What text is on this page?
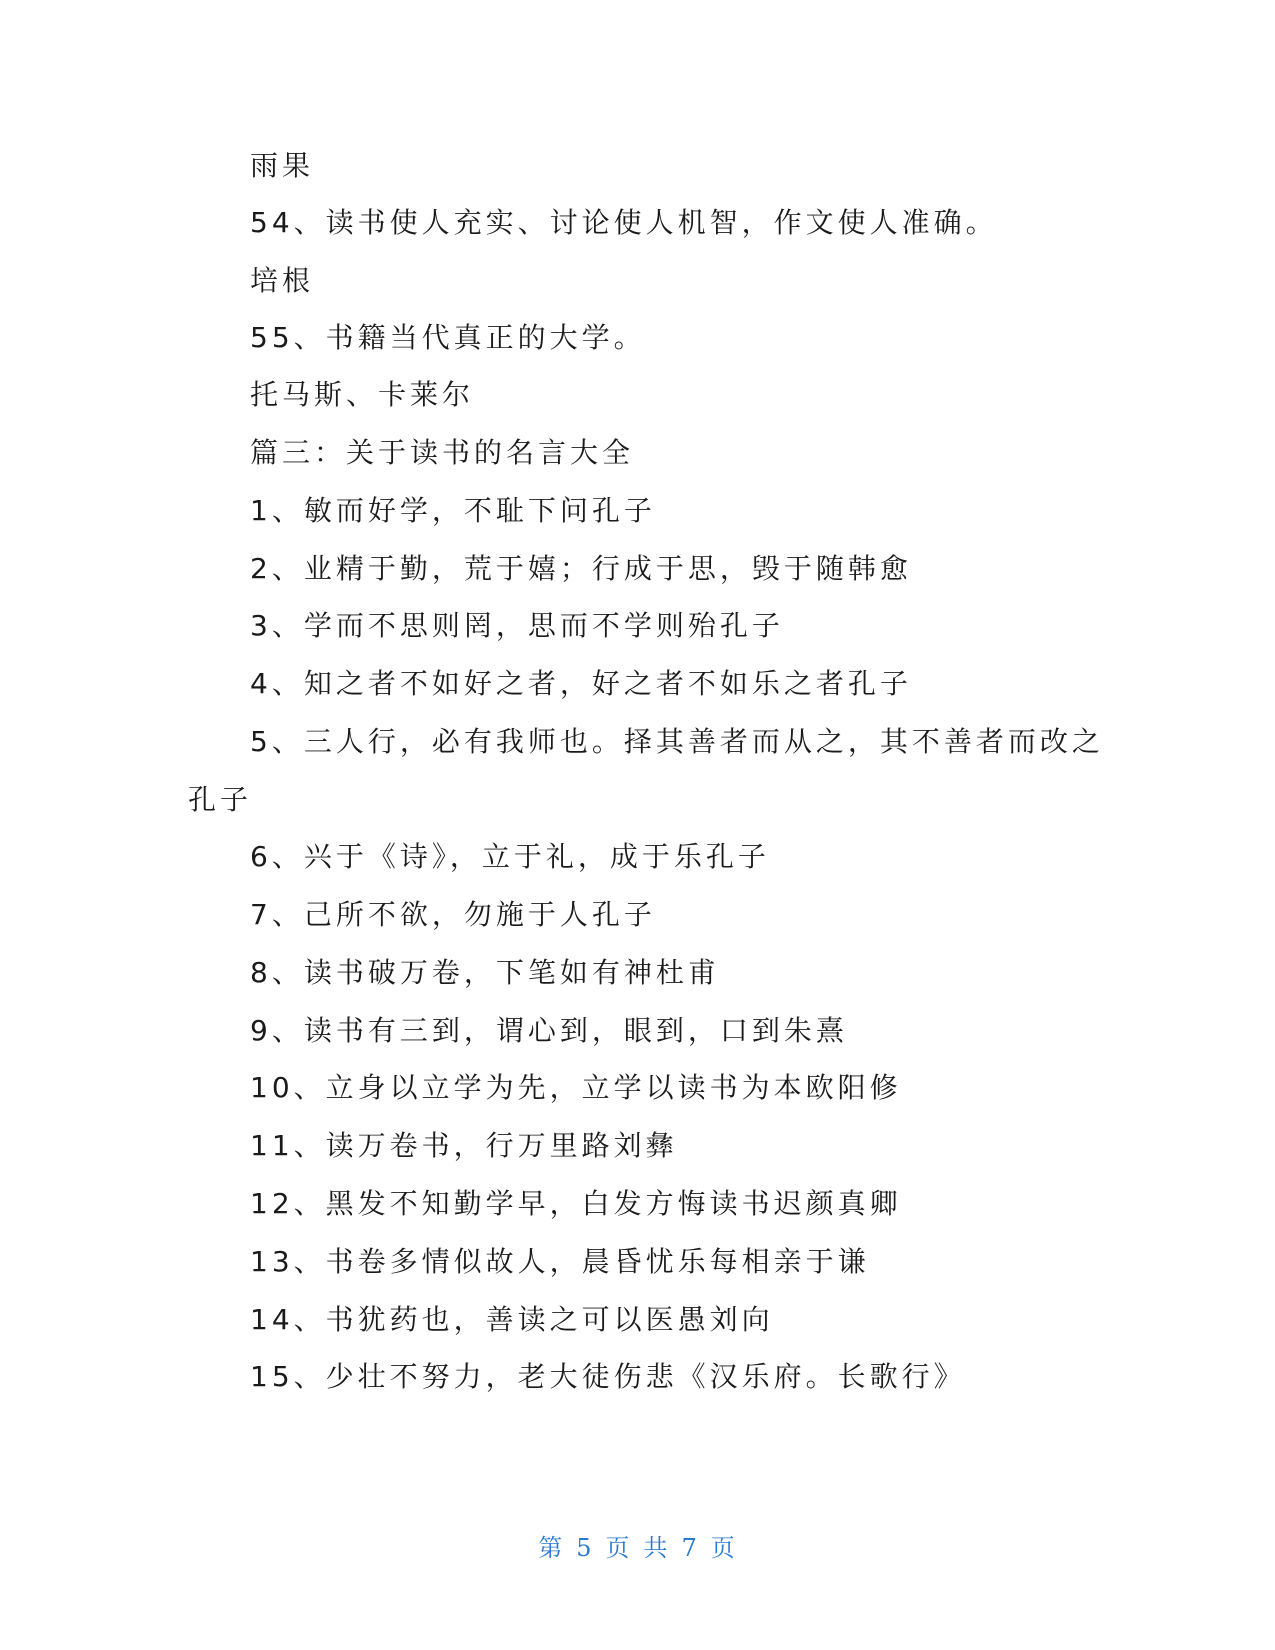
雨果
54、读书使人充实、讨论使人机智，作文使人准确。
培根
55、书籍当代真正的大学。
托马斯、卡莱尔
篇三：关于读书的名言大全
1、敏而好学，不耻下问孔子
2、业精于勤，荒于嬉；行成于思，毁于随韩愈
3、学而不思则罔，思而不学则殆孔子
4、知之者不如好之者，好之者不如乐之者孔子
5、三人行，必有我师也。择其善者而从之，其不善者而改之
孔子
6、兴于《诗》，立于礼，成于乐孔子
7、己所不欲，勿施于人孔子
8、读书破万卷，下笔如有神杜甫
9、读书有三到，谓心到，眼到，口到朱熹
10、立身以立学为先，立学以读书为本欧阳修
11、读万卷书，行万里路刘彝
12、黑发不知勤学早，白发方悔读书迟颜真卿
13、书卷多情似故人，晨昏忧乐每相亲于谦
14、书犹药也，善读之可以医愚刘向
15、少壮不努力，老大徒伤悲《汉乐府。长歌行》
第 5 页 共 7 页
